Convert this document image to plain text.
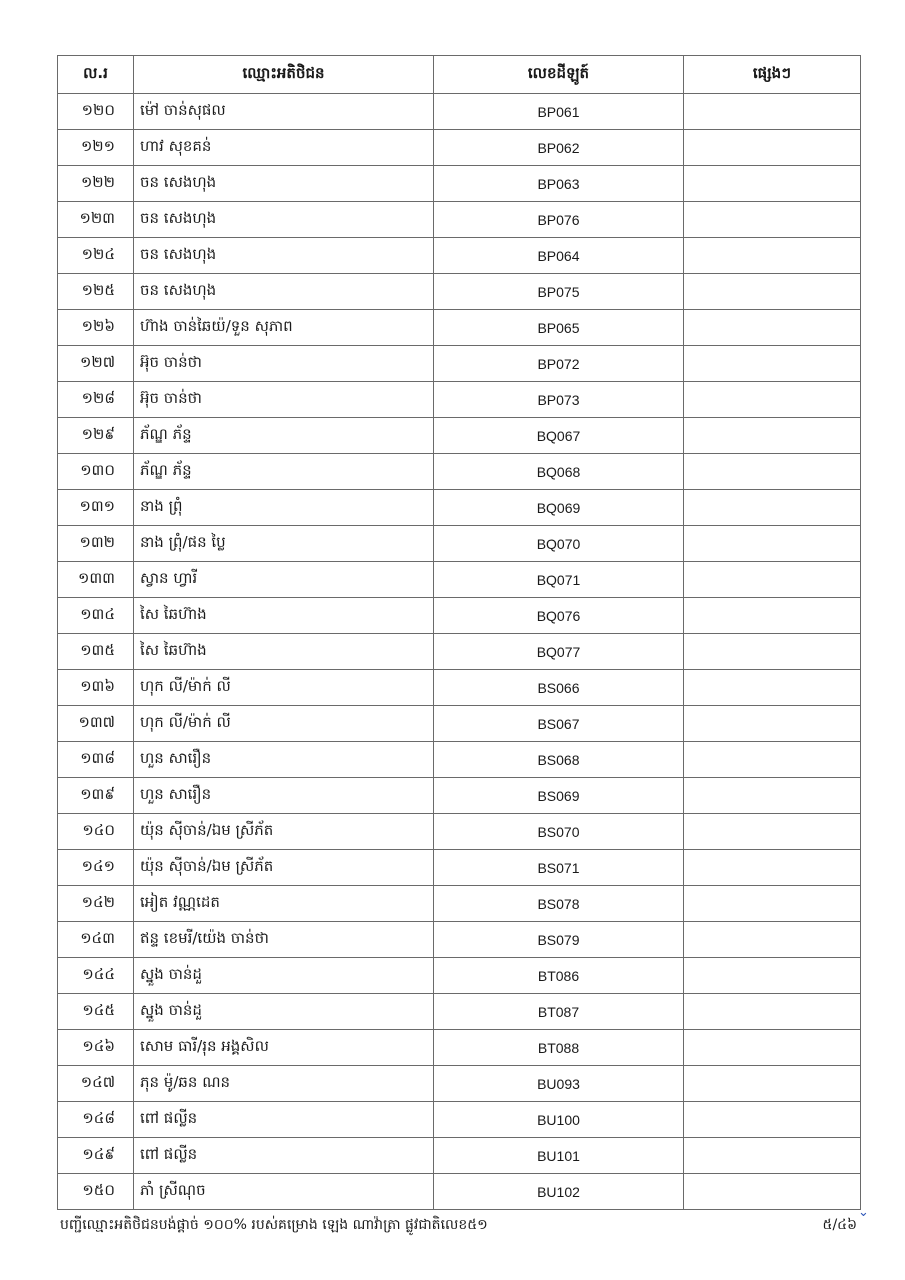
ល.រ	ឈ្មោះអតិថិជន	លេខដីឡូត៍	ផ្សេងៗ
១២០	ម៉ៅ ចាន់សុផល	BP061	
១២១	ហាវ សុខគន់	BP062	
១២២	ចន សេងហុង	BP063	
១២៣	ចន សេងហុង	BP076	
១២៤	ចន សេងហុង	BP064	
១២៥	ចន សេងហុង	BP075	
១២៦	ហ៊ាង ចាន់ឆៃយ៉/ទួន សុភាព	BP065	
១២៧	អ៊ុច ចាន់ថា	BP072	
១២៨	អ៊ុច ចាន់ថា	BP073	
១២៩	ភ័ណ្ឌ ភ័ន្ទ	BQ067	
១៣០	ភ័ណ្ឌ ភ័ន្ទ	BQ068	
១៣១	នាង ព្រុំ	BQ069	
១៣២	នាង ព្រុំ/ផន ប្លៃ	BQ070	
១៣៣	ស្វាន ហ្វារី	BQ071	
១៣៤	សៃ ឆៃហ៊ាង	BQ076	
១៣៥	សៃ ឆៃហ៊ាង	BQ077	
១៣៦	ហុក លី/ម៉ាក់ លី	BS066	
១៣៧	ហុក លី/ម៉ាក់ លី	BS067	
១៣៨	ហួន សារឿន	BS068	
១៣៩	ហួន សារឿន	BS069	
១៤០	យ៉ុន ស៊ីចាន់/ឯម ស្រីភ័ត	BS070	
១៤១	យ៉ុន ស៊ីចាន់/ឯម ស្រីភ័ត	BS071	
១៤២	អៀត វណ្ណដេត	BS078	
១៤៣	ឥន្ទ ខេមរី/យ៉េង ចាន់ថា	BS079	
១៤៤	ស្នួង ចាន់ដួ	BT086	
១៤៥	ស្នួង ចាន់ដួ	BT087	
១៤៦	សោម ធារី/រុន អង្គសិល	BT088	
១៤៧	ភុន ម៉ូ/ឆន ណន	BU093	
១៤៨	ពៅ ផល្លីន	BU100	
១៤៩	ពៅ ផល្លីន	BU101	
១៥០	ភាំ ស្រីណុច	BU102	
បញ្ជីឈ្មោះអតិថិជនបង់ផ្តាច់ ១០០% របស់គម្រោង ឡេង ណាវ៉ាត្រា ផ្លូវជាតិលេខ៥១	៥/៤៦
⌄
